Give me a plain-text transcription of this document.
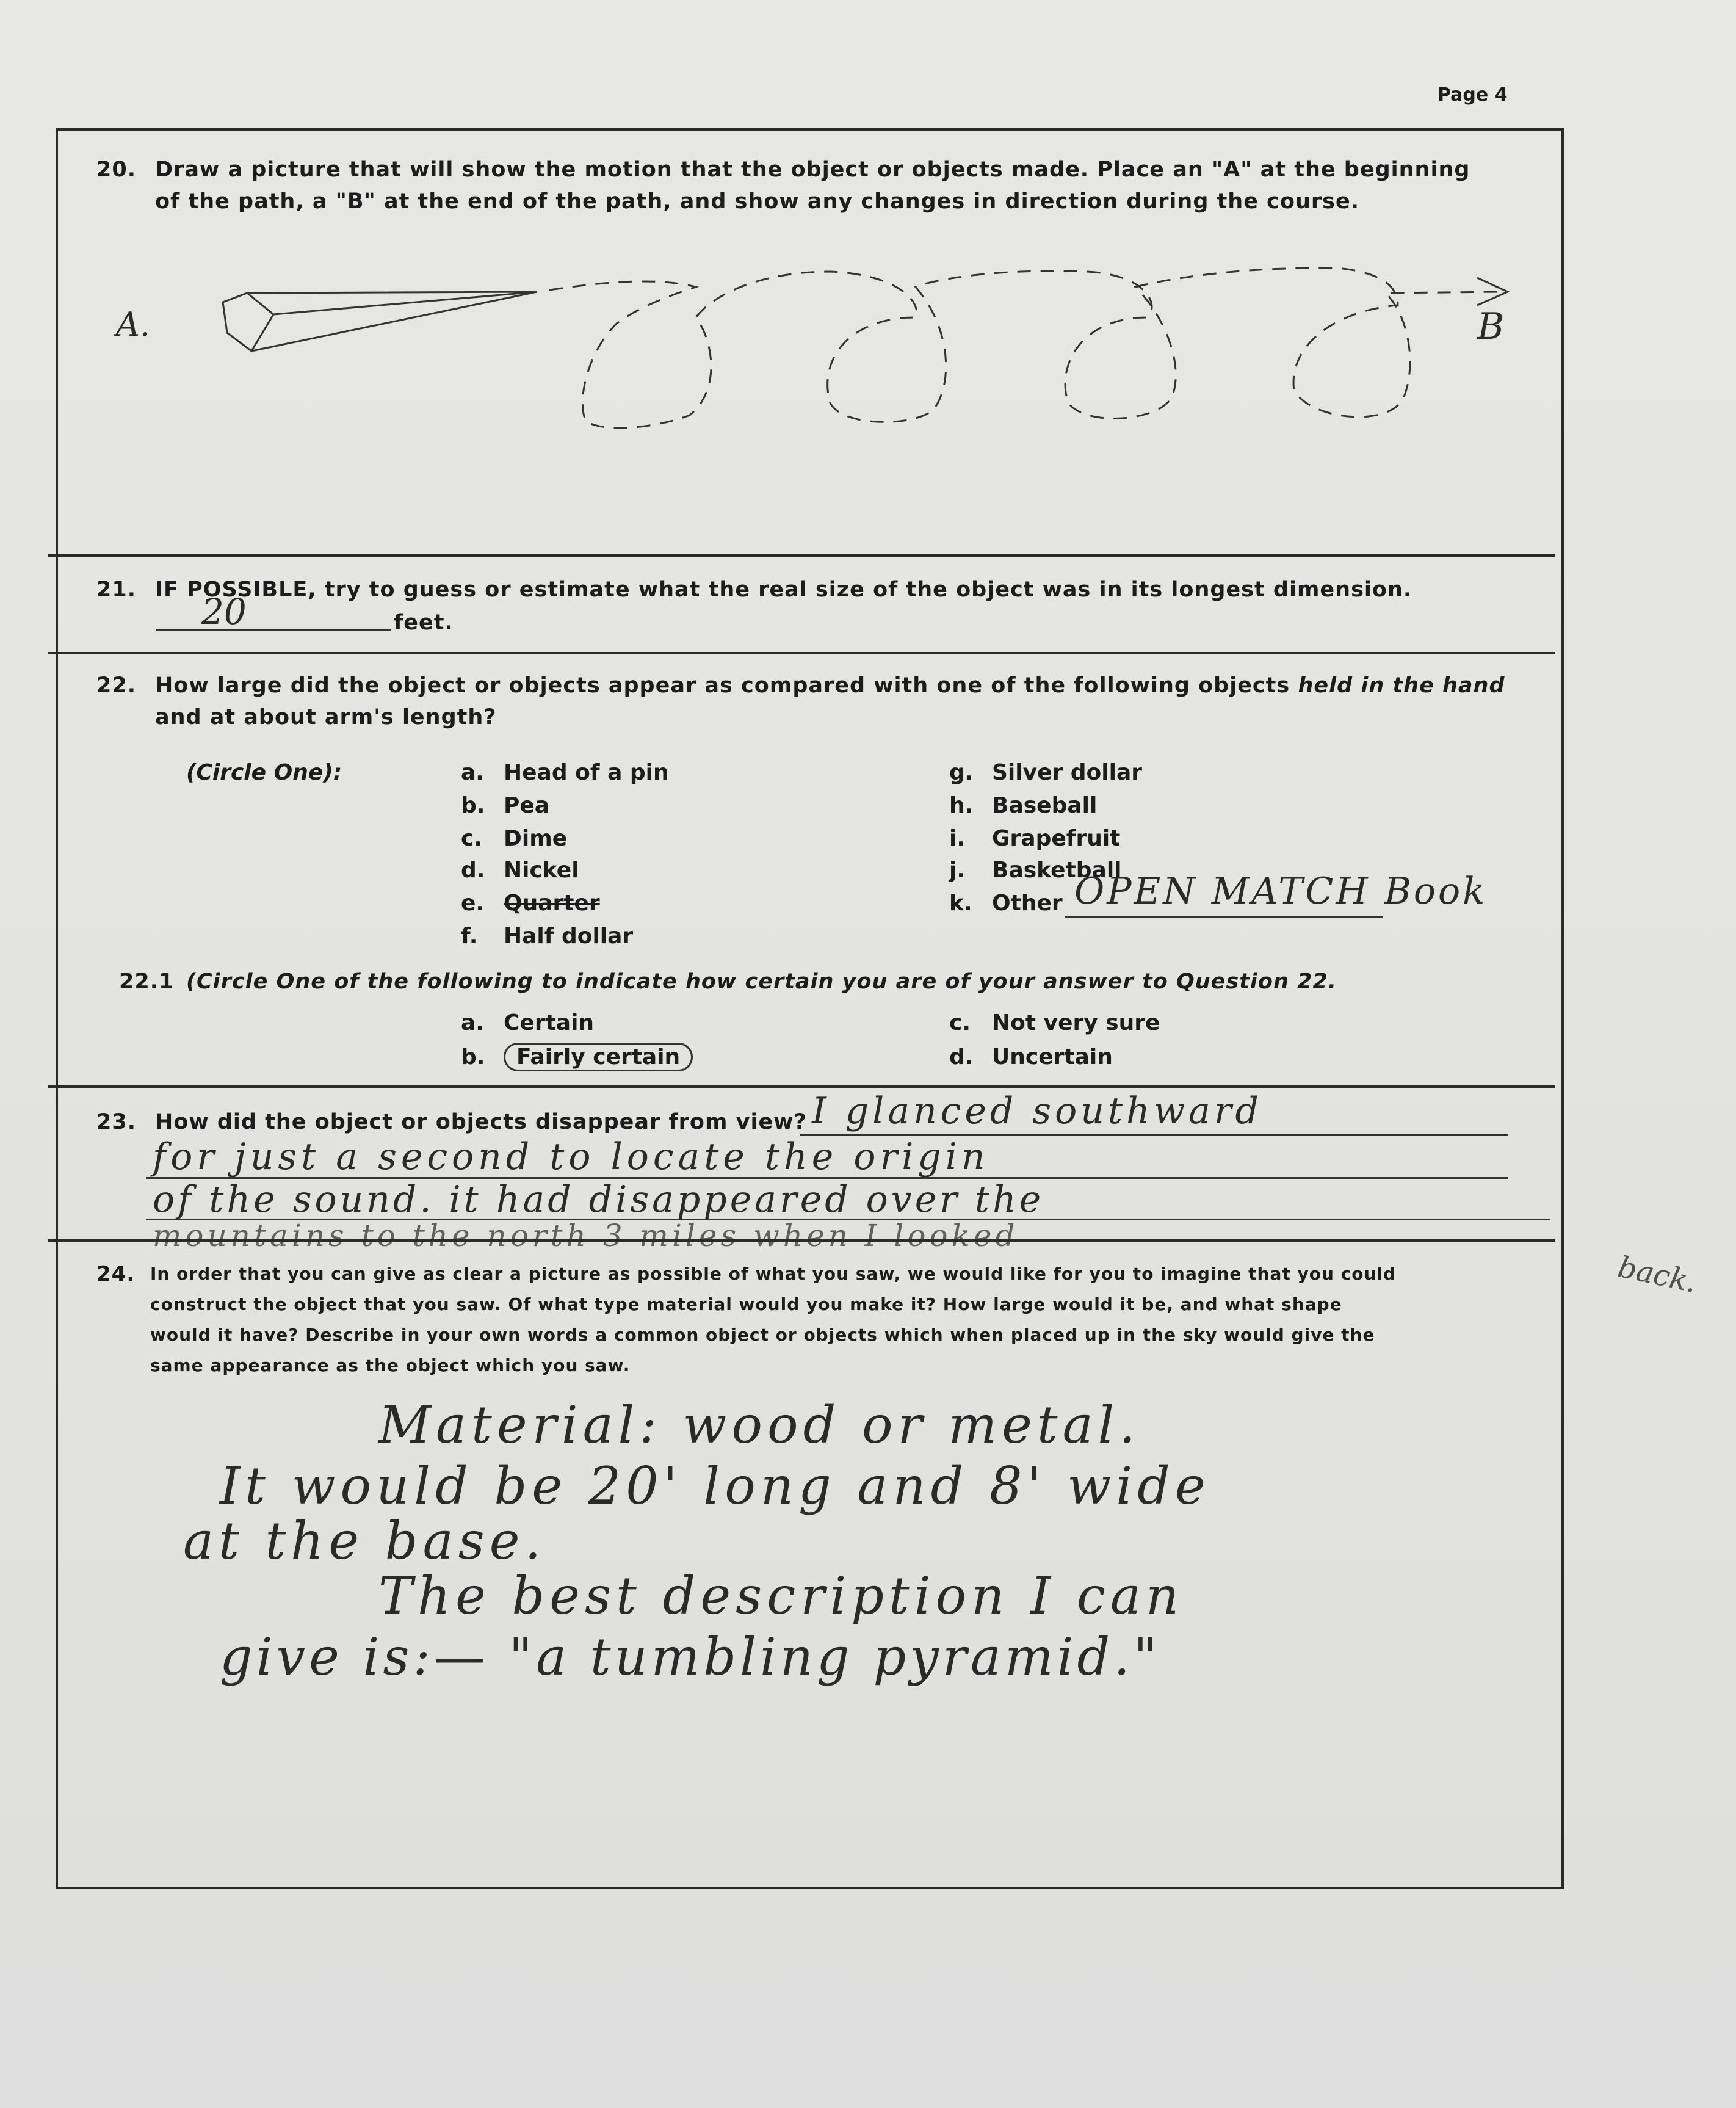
Page 4
20. Draw a picture that will show the motion that the object or objects made. Place an "A" at the beginning
of the path, a "B" at the end of the path, and show any changes in direction during the course.
A.	B
21. IF POSSIBLE, try to guess or estimate what the real size of the object was in its longest dimension.
20	feet.
22. How large did the object or objects appear as compared with one of the following objects held in the hand
and at about arm's length?
(Circle One):	a. Head of a pin
b. Pea
c. Dime
d. Nickel
e. Quarter
f. Half dollar
g. Silver dollar
h. Baseball
i. Grapefruit
j. Basketball
k. Other OPEN MATCH Book
22.1 (Circle One of the following to indicate how certain you are of your answer to Question 22.
a. Certain
b. Fairly certain
c. Not very sure
d. Uncertain
23. How did the object or objects disappear from view? I glanced southward
for just a second to locate the origin
of the sound. it had disappeared over the
mountains to the north 3 miles when I looked
back.
24. In order that you can give as clear a picture as possible of what you saw, we would like for you to imagine that you could
construct the object that you saw. Of what type material would you make it? How large would it be, and what shape
would it have? Describe in your own words a common object or objects which when placed up in the sky would give the
same appearance as the object which you saw.
Material: wood or metal.
It would be 20' long and 8' wide
at the base.
The best description I can
give is:— "a tumbling pyramid."
